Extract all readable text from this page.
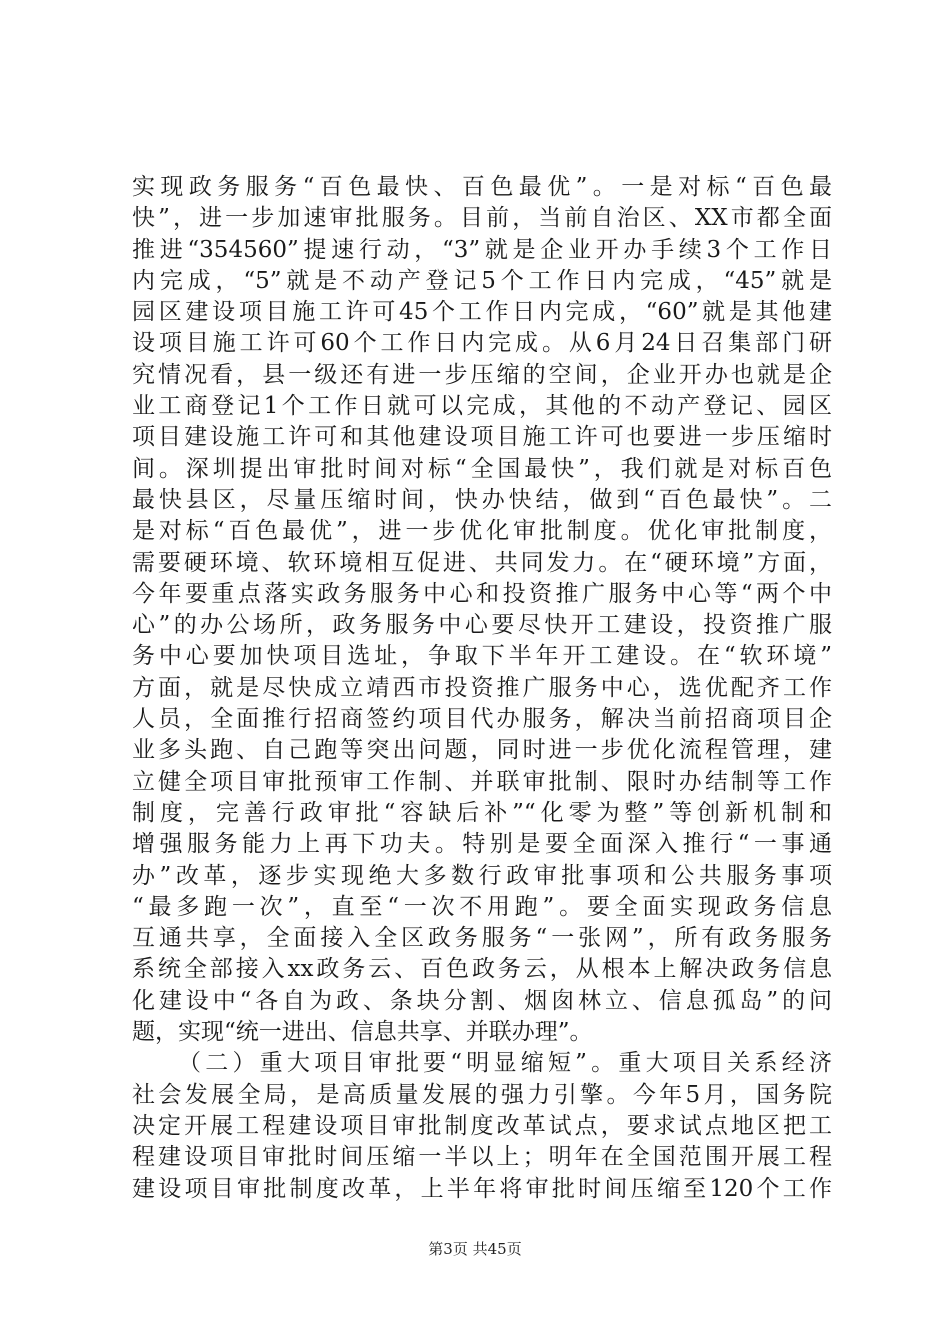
实现政务服务“百色最快、百色最优”。一是对标“百色最
快”，进一步加速审批服务。目前，当前自治区、XX市都全面
推进“354560”提速行动，“3”就是企业开办手续3个工作日
内完成，“5”就是不动产登记5个工作日内完成，“45”就是
园区建设项目施工许可45个工作日内完成，“60”就是其他建
设项目施工许可60个工作日内完成。从6月24日召集部门研
究情况看，县一级还有进一步压缩的空间，企业开办也就是企
业工商登记1个工作日就可以完成，其他的不动产登记、园区
项目建设施工许可和其他建设项目施工许可也要进一步压缩时
间。深圳提出审批时间对标“全国最快”，我们就是对标百色
最快县区，尽量压缩时间，快办快结，做到“百色最快”。二
是对标“百色最优”，进一步优化审批制度。优化审批制度，
需要硬环境、软环境相互促进、共同发力。在“硬环境”方面，
今年要重点落实政务服务中心和投资推广服务中心等“两个中
心”的办公场所，政务服务中心要尽快开工建设，投资推广服
务中心要加快项目选址，争取下半年开工建设。在“软环境”
方面，就是尽快成立靖西市投资推广服务中心，选优配齐工作
人员，全面推行招商签约项目代办服务，解决当前招商项目企
业多头跑、自己跑等突出问题，同时进一步优化流程管理，建
立健全项目审批预审工作制、并联审批制、限时办结制等工作
制度，完善行政审批“容缺后补”“化零为整”等创新机制和
增强服务能力上再下功夫。特别是要全面深入推行“一事通
办”改革，逐步实现绝大多数行政审批事项和公共服务事项
“最多跑一次”，直至“一次不用跑”。要全面实现政务信息
互通共享，全面接入全区政务服务“一张网”，所有政务服务
系统全部接入xx政务云、百色政务云，从根本上解决政务信息
化建设中“各自为政、条块分割、烟囱林立、信息孤岛”的问
题，实现“统一进出、信息共享、并联办理”。
（二）重大项目审批要“明显缩短”。重大项目关系经济
社会发展全局，是高质量发展的强力引擎。今年5月，国务院
决定开展工程建设项目审批制度改革试点，要求试点地区把工
程建设项目审批时间压缩一半以上；明年在全国范围开展工程
建设项目审批制度改革，上半年将审批时间压缩至120个工作
第3页 共45页
